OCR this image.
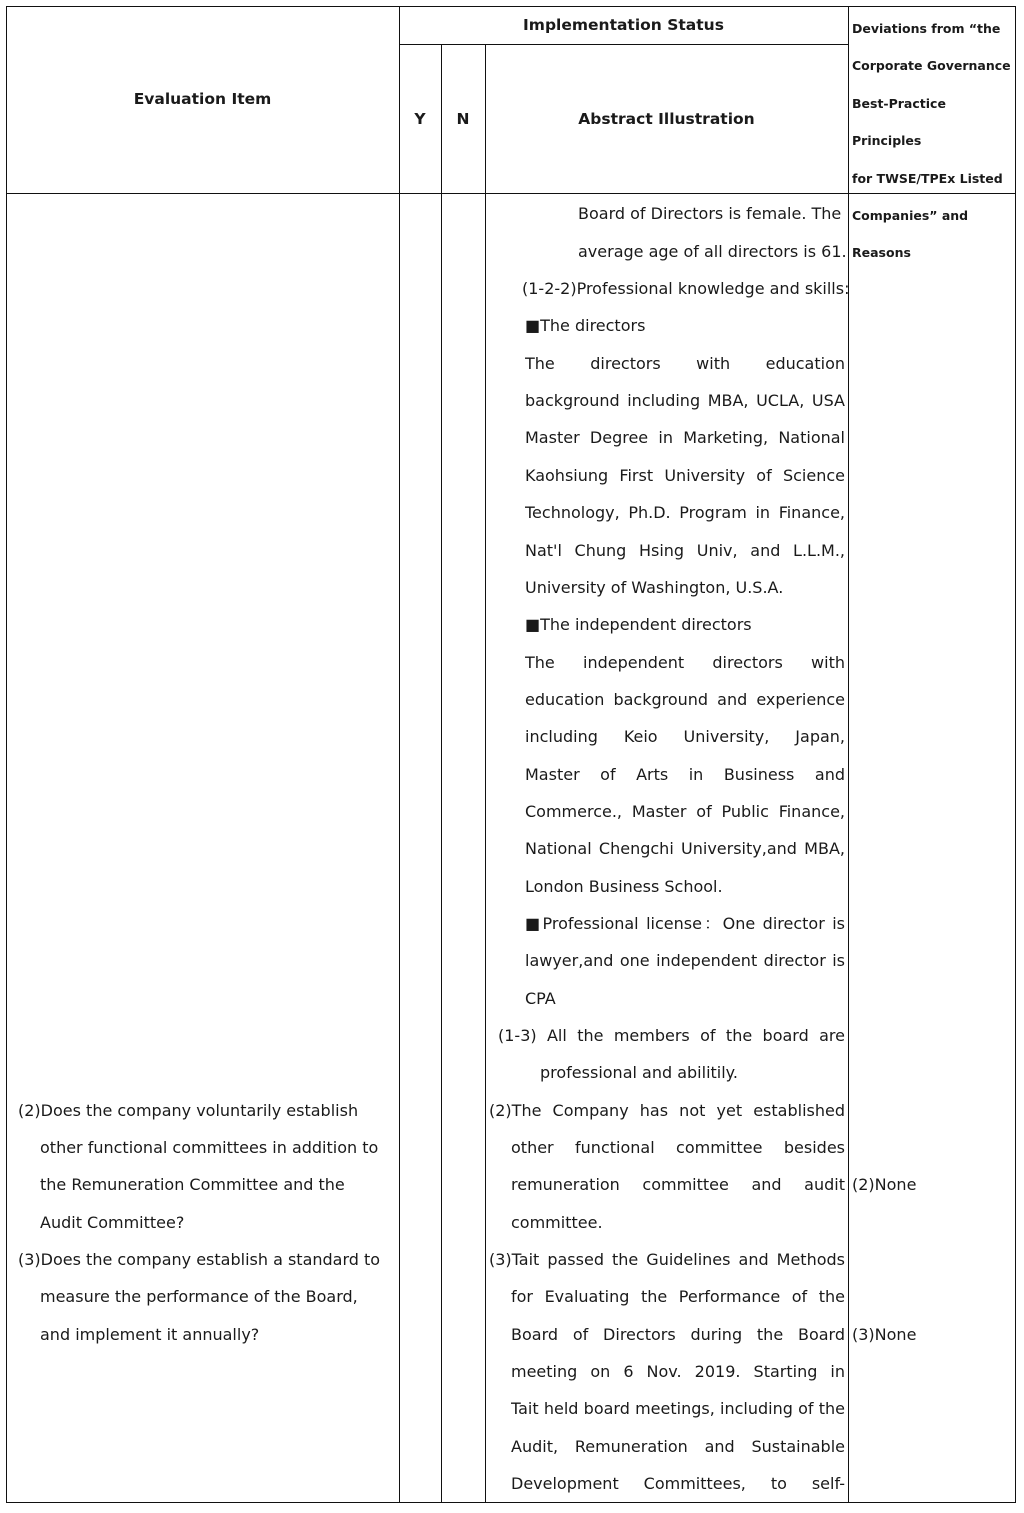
Evaluation Item
Implementation Status
Y	N	Abstract Illustration
Deviations from “the
Corporate Governance
Best-Practice Principles
for TWSE/TPEx Listed
Companies” and Reasons
(2)Does the company voluntarily establish
other functional committees in addition to
the Remuneration Committee and the
Audit Committee?
(3)Does the company establish a standard to
measure the performance of the Board,
and implement it annually?
Board of Directors is female. The
average age of all directors is 61.
(1-2-2)Professional knowledge and skills:
■The directors
The directors with education
background including MBA, UCLA, USA
Master Degree in Marketing, National
Kaohsiung First University of Science
Technology, Ph.D. Program in Finance,
Nat'l Chung Hsing Univ, and L.L.M.,
University of Washington, U.S.A.
■The independent directors
The independent directors with
education background and experience
including Keio University, Japan,
Master of Arts in Business and
Commerce., Master of Public Finance,
National Chengchi University,and MBA,
London Business School.
■Professional license：One director is
lawyer,and one independent director is
CPA
(1-3) All the members of the board are
professional and abilitily.
(2)The Company has not yet established
other functional committee besides
remuneration committee and audit
committee.
(3)Tait passed the Guidelines and Methods
for Evaluating the Performance of the
Board of Directors during the Board
meeting on 6 Nov. 2019. Starting in
Tait held board meetings, including of the
Audit, Remuneration and Sustainable
Development Committees, to self-
(2)None
(3)None
